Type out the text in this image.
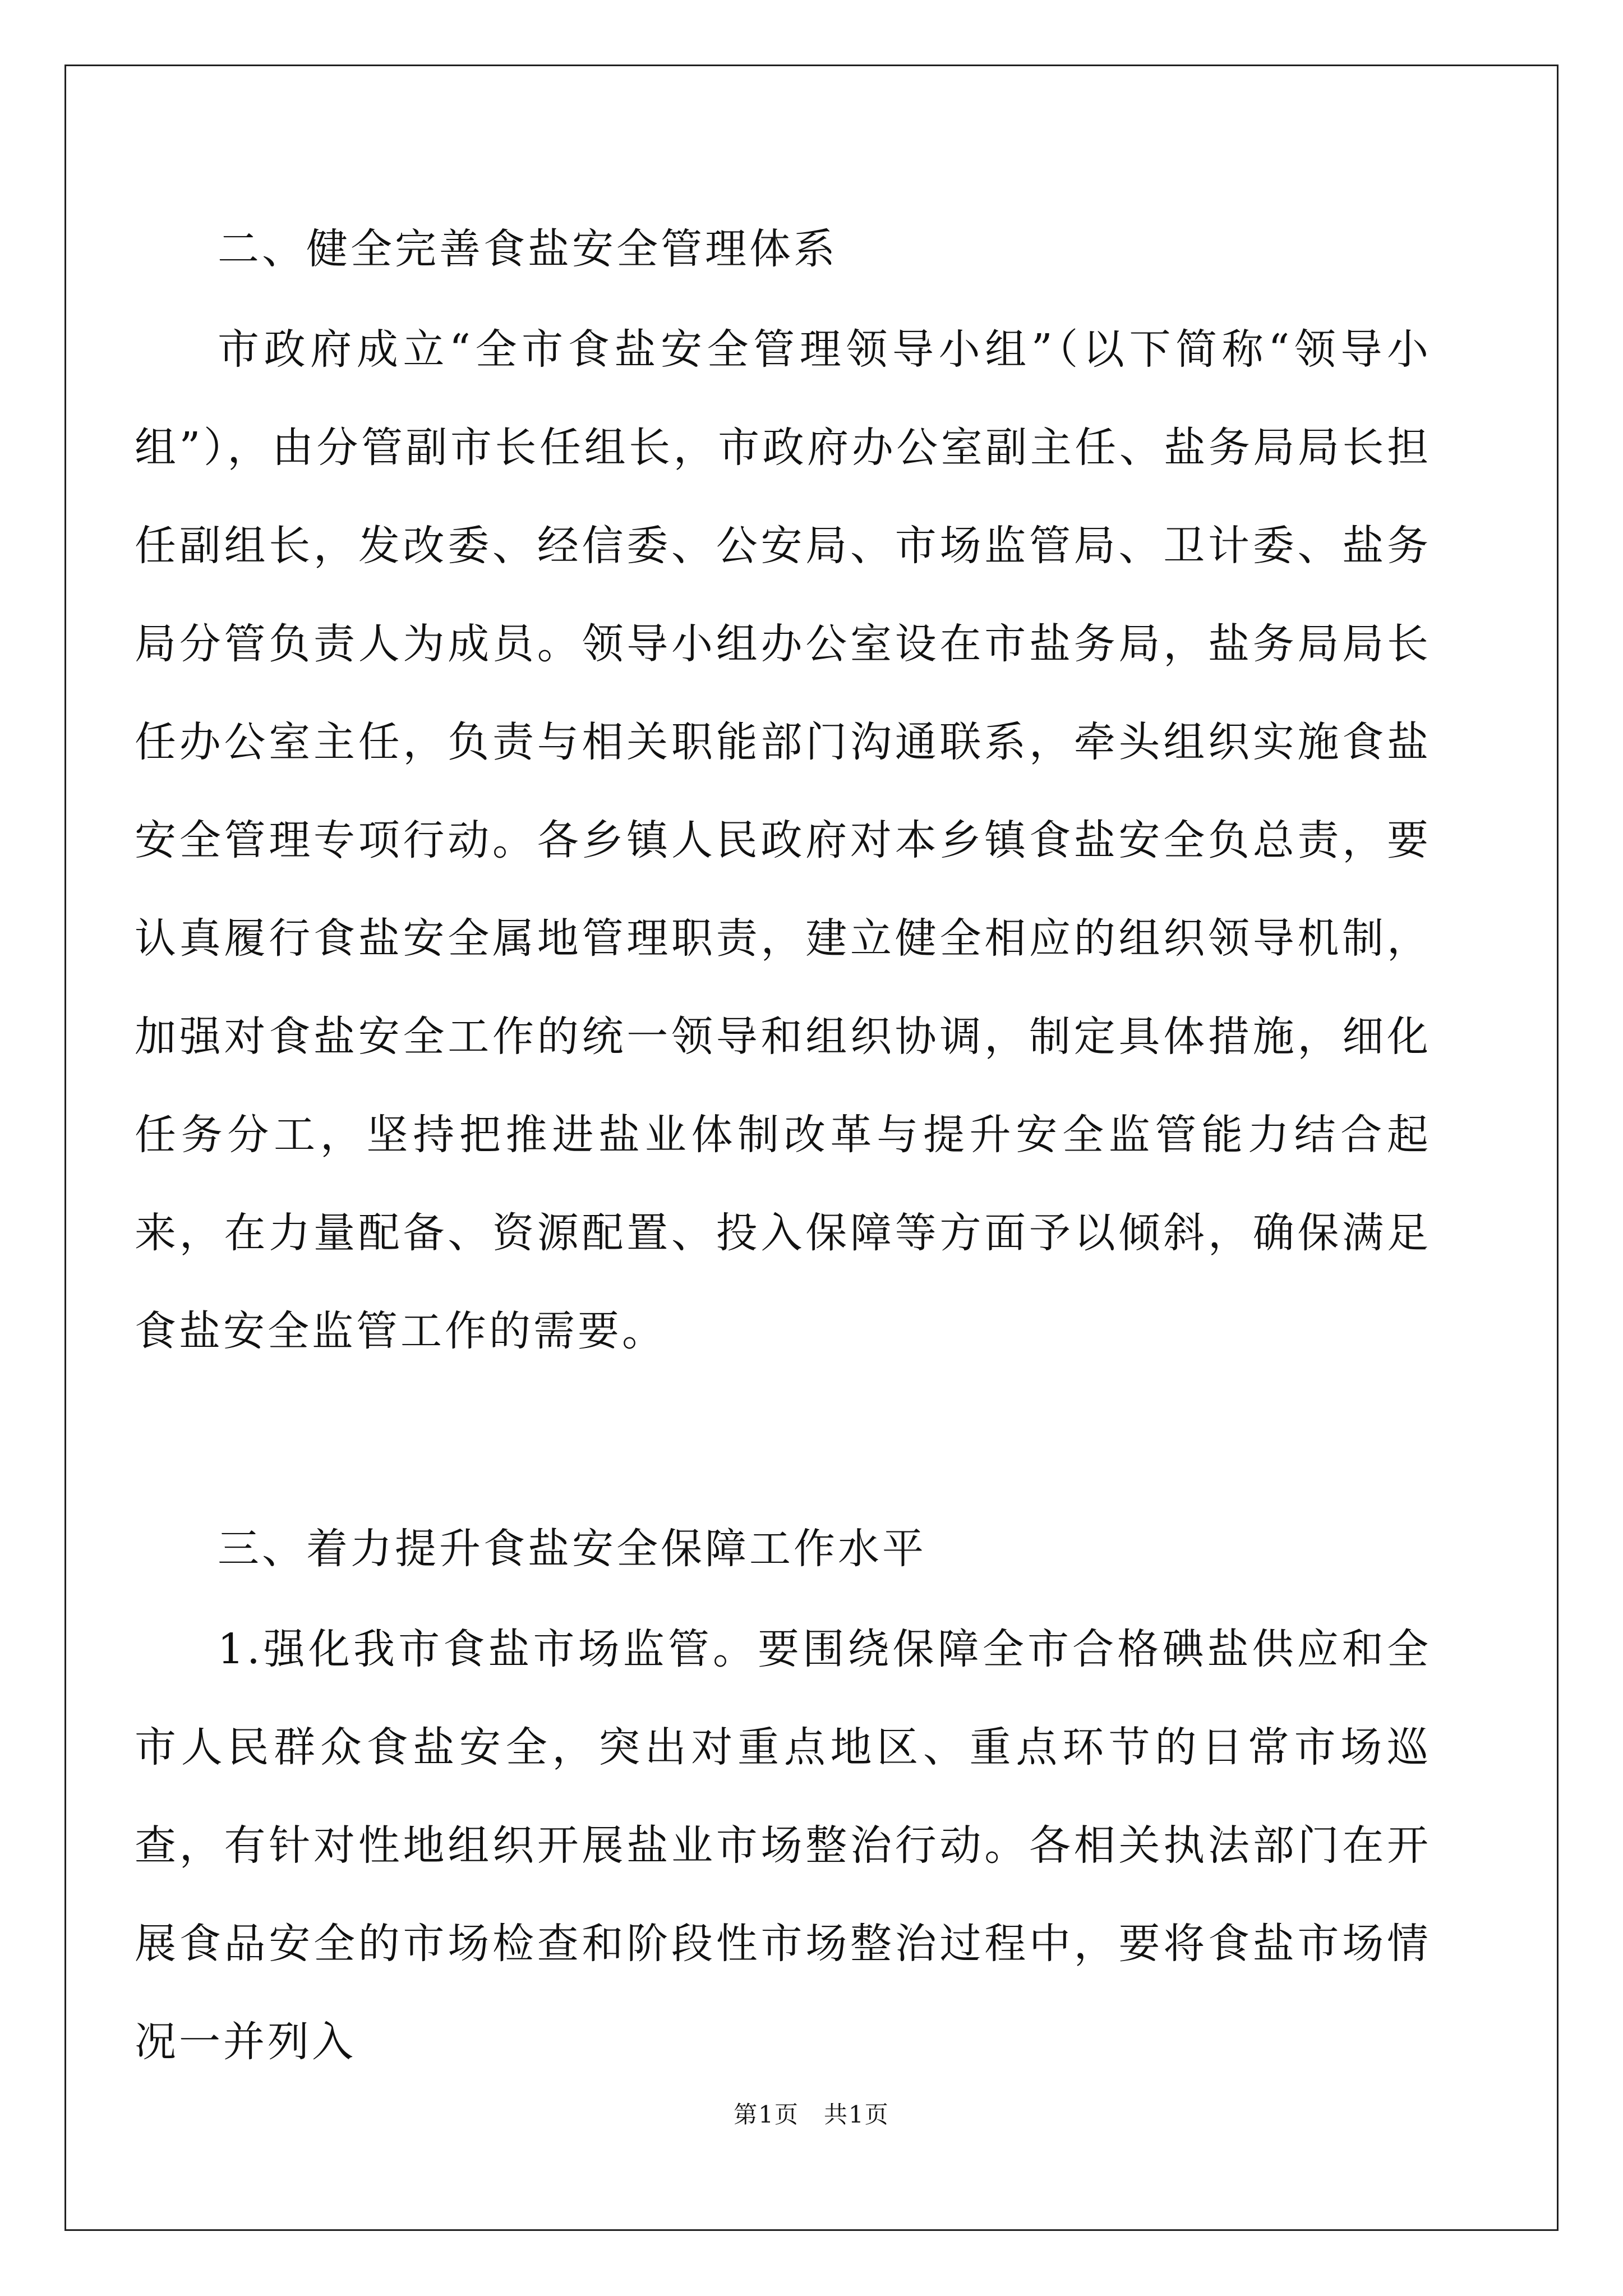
二、健全完善食盐安全管理体系

市政府成立“全市食盐安全管理领导小组”（以下简称“领导小组”），由分管副市长任组长，市政府办公室副主任、盐务局局长担任副组长，发改委、经信委、公安局、市场监管局、卫计委、盐务局分管负责人为成员。领导小组办公室设在市盐务局，盐务局局长任办公室主任，负责与相关职能部门沟通联系，牵头组织实施食盐安全管理专项行动。各乡镇人民政府对本乡镇食盐安全负总责，要认真履行食盐安全属地管理职责，建立健全相应的组织领导机制，加强对食盐安全工作的统一领导和组织协调，制定具体措施，细化任务分工，坚持把推进盐业体制改革与提升安全监管能力结合起来，在力量配备、资源配置、投入保障等方面予以倾斜，确保满足食盐安全监管工作的需要。

三、着力提升食盐安全保障工作水平

1.强化我市食盐市场监管。要围绕保障全市合格碘盐供应和全市人民群众食盐安全，突出对重点地区、重点环节的日常市场巡查，有针对性地组织开展盐业市场整治行动。各相关执法部门在开展食品安全的市场检查和阶段性市场整治过程中，要将食盐市场情况一并列入

第1页　共1页
